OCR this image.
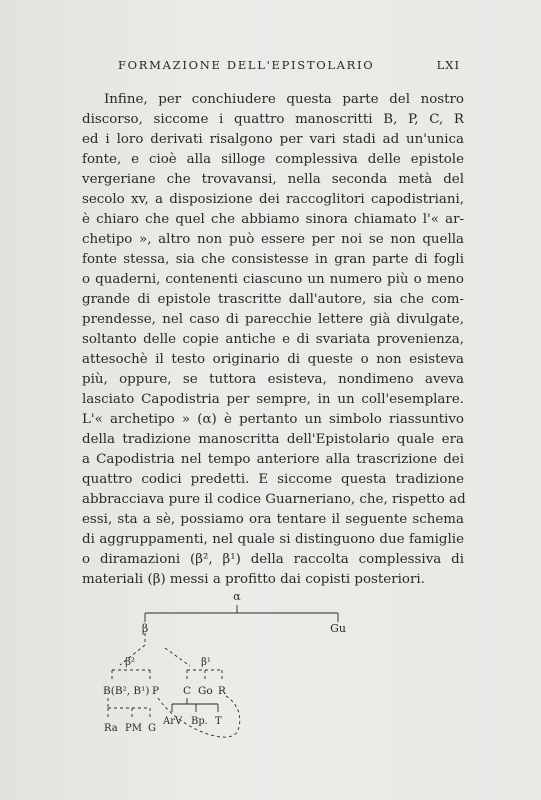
FORMAZIONE DELL'EPISTOLARIO	LXI
Infine, per conchiudere questa parte del nostro
discorso, siccome i quattro manoscritti B, P, C, R
ed i loro derivati risalgono per vari stadi ad un'unica
fonte, e cioè alla silloge complessiva delle epistole
vergeriane che trovavansi, nella seconda metà del
secolo xv, a disposizione dei raccoglitori capodistriani,
è chiaro che quel che abbiamo sinora chiamato l'« ar-
chetipo », altro non può essere per noi se non quella
fonte stessa, sia che consistesse in gran parte di fogli
o quaderni, contenenti ciascuno un numero più o meno
grande di epistole trascritte dall'autore, sia che com-
prendesse, nel caso di parecchie lettere già divulgate,
soltanto delle copie antiche e di svariata provenienza,
attesochè il testo originario di queste o non esisteva
più, oppure, se tuttora esisteva, nondimeno aveva
lasciato Capodistria per sempre, in un coll'esemplare.
L'« archetipo » (α) è pertanto un simbolo riassuntivo
della tradizione manoscritta dell'Epistolario quale era
a Capodistria nel tempo anteriore alla trascrizione dei
quattro codici predetti. E siccome questa tradizione
abbracciava pure il codice Guarneriano, che, rispetto ad
essi, sta a sè, possiamo ora tentare il seguente schema
di aggruppamenti, nel quale si distinguono due famiglie
o diramazioni (β², β¹) della raccolta complessiva di
materiali (β) messi a profitto dai copisti posteriori.
α
β	Gu
β²	β¹
B(B², B¹) P C Go R
Ra PM G
ArV Bp. T
